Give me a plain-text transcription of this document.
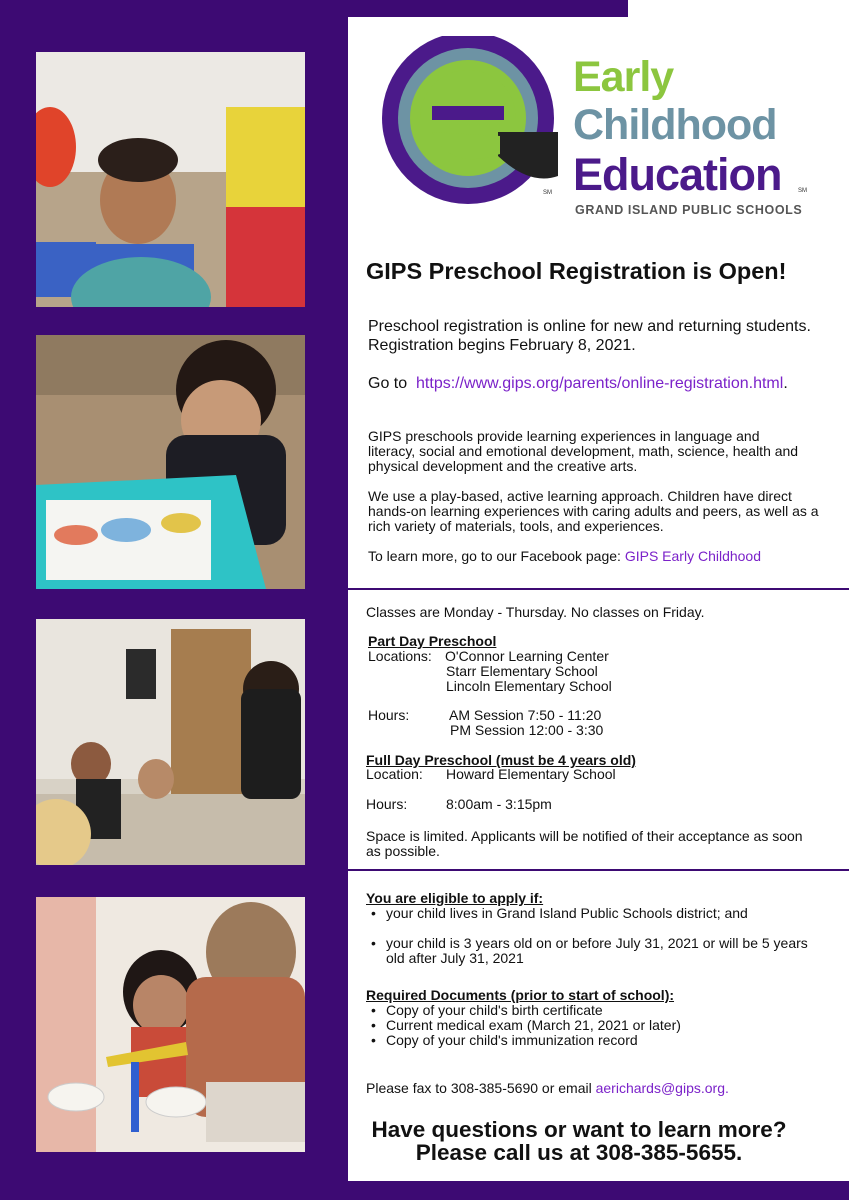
Early
Childhood
Education
SM	SM
GRAND ISLAND PUBLIC SCHOOLS
GIPS Preschool Registration is Open!
Preschool registration is online for new and returning students. Registration begins February 8, 2021.
Go to https://www.gips.org/parents/online-registration.html.
GIPS preschools provide learning experiences in language and literacy, social and emotional development, math, science, health and physical development and the creative arts.
We use a play-based, active learning approach. Children have direct hands-on learning experiences with caring adults and peers, as well as a rich variety of materials, tools, and experiences.
To learn more, go to our Facebook page: GIPS Early Childhood
Classes are Monday - Thursday. No classes on Friday.
Part Day Preschool
Locations: O'Connor Learning Center
Starr Elementary School
Lincoln Elementary School
Hours:	AM Session 7:50 - 11:20
PM Session 12:00 - 3:30
Full Day Preschool (must be 4 years old)
Location: Howard Elementary School
Hours:	8:00am - 3:15pm
Space is limited. Applicants will be notified of their acceptance as soon as possible.
You are eligible to apply if:
• your child lives in Grand Island Public Schools district; and
• your child is 3 years old on or before July 31, 2021 or will be 5 years old after July 31, 2021
Required Documents (prior to start of school):
• Copy of your child's birth certificate
• Current medical exam (March 21, 2021 or later)
• Copy of your child's immunization record
Please fax to 308-385-5690 or email aerichards@gips.org.
Have questions or want to learn more?
Please call us at 308-385-5655.
